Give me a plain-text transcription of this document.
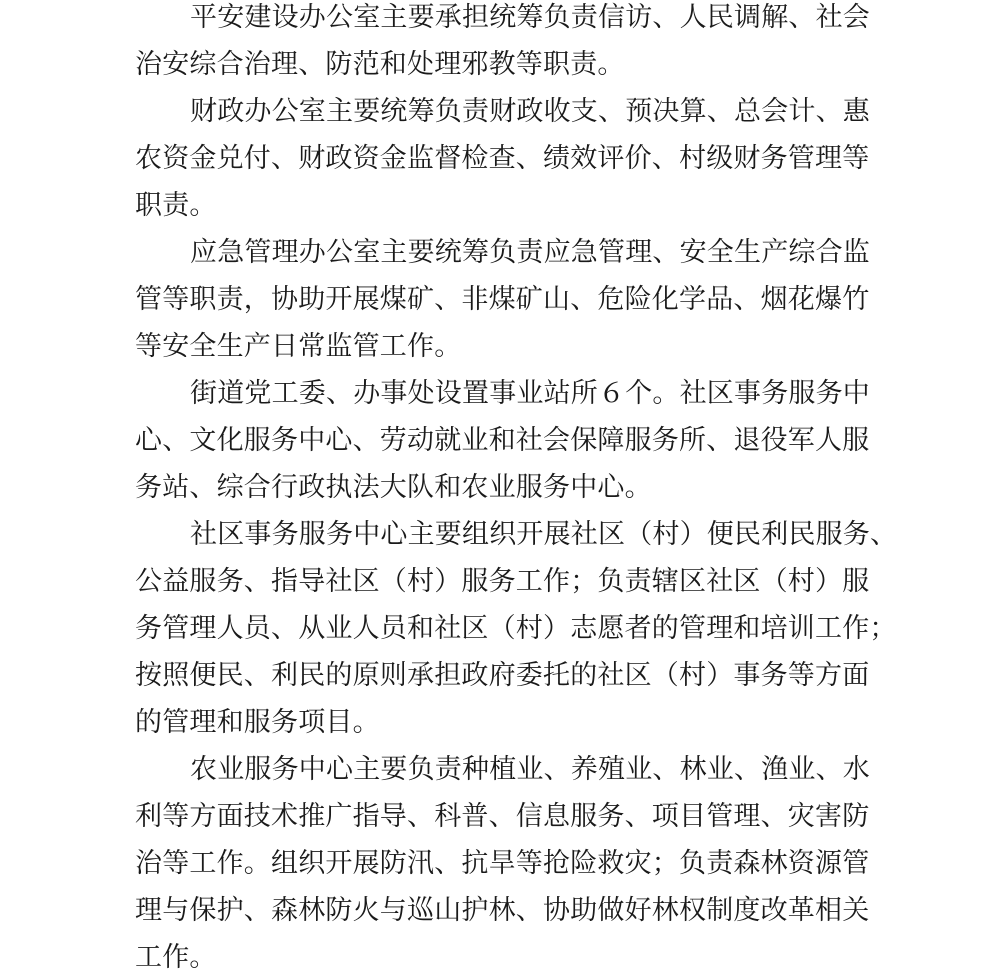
平安建设办公室主要承担统筹负责信访、人民调解、社会
治安综合治理、防范和处理邪教等职责。
财政办公室主要统筹负责财政收支、预决算、总会计、惠
农资金兑付、财政资金监督检查、绩效评价、村级财务管理等
职责。
应急管理办公室主要统筹负责应急管理、安全生产综合监
管等职责，协助开展煤矿、非煤矿山、危险化学品、烟花爆竹
等安全生产日常监管工作。
街道党工委、办事处设置事业站所６个。社区事务服务中
心、文化服务中心、劳动就业和社会保障服务所、退役军人服
务站、综合行政执法大队和农业服务中心。
社区事务服务中心主要组织开展社区（村）便民利民服务、
公益服务、指导社区（村）服务工作；负责辖区社区（村）服
务管理人员、从业人员和社区（村）志愿者的管理和培训工作；
按照便民、利民的原则承担政府委托的社区（村）事务等方面
的管理和服务项目。
农业服务中心主要负责种植业、养殖业、林业、渔业、水
利等方面技术推广指导、科普、信息服务、项目管理、灾害防
治等工作。组织开展防汛、抗旱等抢险救灾；负责森林资源管
理与保护、森林防火与巡山护林、协助做好林权制度改革相关
工作。
